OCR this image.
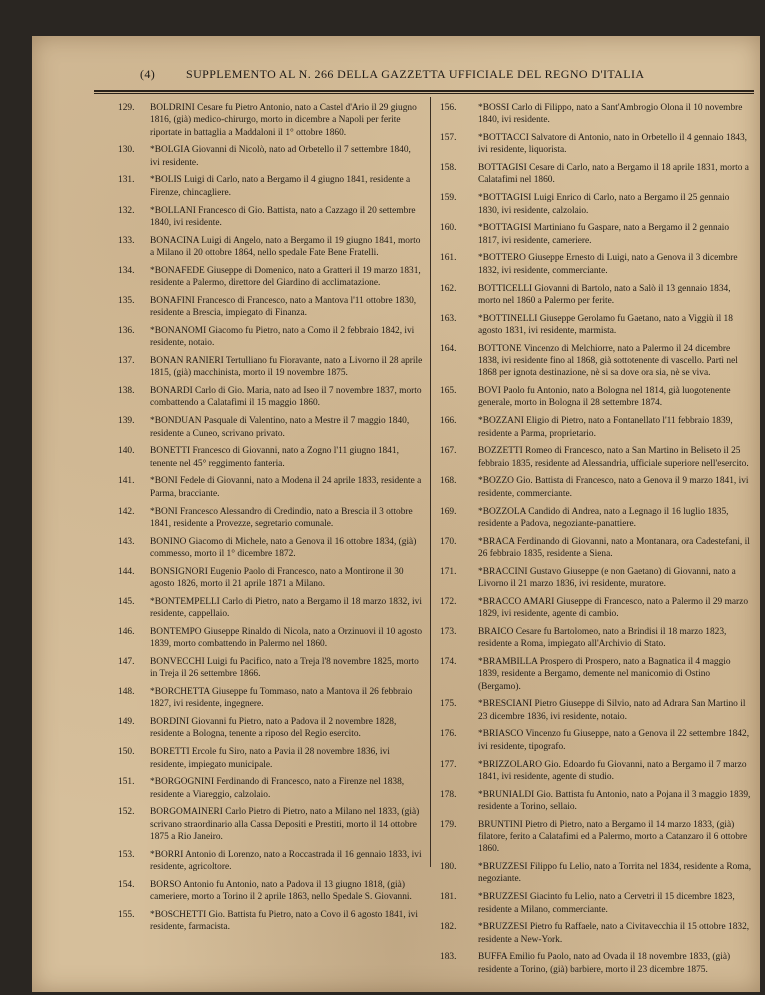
(4)	SUPPLEMENTO AL N. 266 DELLA GAZZETTA UFFICIALE DEL REGNO D'ITALIA
129.	BOLDRINI Cesare fu Pietro Antonio, nato a Castel d'Ario il 29 giugno 1816, (già) medico-chirurgo, morto in dicembre a Napoli per ferite riportate in battaglia a Maddaloni il 1° ottobre 1860.
130.	*BOLGIA Giovanni di Nicolò, nato ad Orbetello il 7 settembre 1840, ivi residente.
131.	*BOLIS Luigi di Carlo, nato a Bergamo il 4 giugno 1841, residente a Firenze, chincagliere.
132.	*BOLLANI Francesco di Gio. Battista, nato a Cazzago il 20 settembre 1840, ivi residente.
133.	BONACINA Luigi di Angelo, nato a Bergamo il 19 giugno 1841, morto a Milano il 20 ottobre 1864, nello spedale Fate Bene Fratelli.
134.	*BONAFEDE Giuseppe di Domenico, nato a Gratteri il 19 marzo 1831, residente a Palermo, direttore del Giardino di acclimatazione.
135.	BONAFINI Francesco di Francesco, nato a Mantova l'11 ottobre 1830, residente a Brescia, impiegato di Finanza.
136.	*BONANOMI Giacomo fu Pietro, nato a Como il 2 febbraio 1842, ivi residente, notaio.
137.	BONAN RANIERI Tertulliano fu Fioravante, nato a Livorno il 28 aprile 1815, (già) macchinista, morto il 19 novembre 1875.
138.	BONARDI Carlo di Gio. Maria, nato ad Iseo il 7 novembre 1837, morto combattendo a Calatafimi il 15 maggio 1860.
139.	*BONDUAN Pasquale di Valentino, nato a Mestre il 7 maggio 1840, residente a Cuneo, scrivano privato.
140.	BONETTI Francesco di Giovanni, nato a Zogno l'11 giugno 1841, tenente nel 45° reggimento fanteria.
141.	*BONI Fedele di Giovanni, nato a Modena il 24 aprile 1833, residente a Parma, bracciante.
142.	*BONI Francesco Alessandro di Credindio, nato a Brescia il 3 ottobre 1841, residente a Provezze, segretario comunale.
143.	BONINO Giacomo di Michele, nato a Genova il 16 ottobre 1834, (già) commesso, morto il 1° dicembre 1872.
144.	BONSIGNORI Eugenio Paolo di Francesco, nato a Montirone il 30 agosto 1826, morto il 21 aprile 1871 a Milano.
145.	*BONTEMPELLI Carlo di Pietro, nato a Bergamo il 18 marzo 1832, ivi residente, cappellaio.
146.	BONTEMPO Giuseppe Rinaldo di Nicola, nato a Orzinuovi il 10 agosto 1839, morto combattendo in Palermo nel 1860.
147.	BONVECCHI Luigi fu Pacifico, nato a Treja l'8 novembre 1825, morto in Treja il 26 settembre 1866.
148.	*BORCHETTA Giuseppe fu Tommaso, nato a Mantova il 26 febbraio 1827, ivi residente, ingegnere.
149.	BORDINI Giovanni fu Pietro, nato a Padova il 2 novembre 1828, residente a Bologna, tenente a riposo del Regio esercito.
150.	BORETTI Ercole fu Siro, nato a Pavia il 28 novembre 1836, ivi residente, impiegato municipale.
151.	*BORGOGNINI Ferdinando di Francesco, nato a Firenze nel 1838, residente a Viareggio, calzolaio.
152.	BORGOMAINERI Carlo Pietro di Pietro, nato a Milano nel 1833, (già) scrivano straordinario alla Cassa Depositi e Prestiti, morto il 14 ottobre 1875 a Rio Janeiro.
153.	*BORRI Antonio di Lorenzo, nato a Roccastrada il 16 gennaio 1833, ivi residente, agricoltore.
154.	BORSO Antonio fu Antonio, nato a Padova il 13 giugno 1818, (già) cameriere, morto a Torino il 2 aprile 1863, nello Spedale S. Giovanni.
155.	*BOSCHETTI Gio. Battista fu Pietro, nato a Covo il 6 agosto 1841, ivi residente, farmacista.
156.	*BOSSI Carlo di Filippo, nato a Sant'Ambrogio Olona il 10 novembre 1840, ivi residente.
157.	*BOTTACCI Salvatore di Antonio, nato in Orbetello il 4 gennaio 1843, ivi residente, liquorista.
158.	BOTTAGISI Cesare di Carlo, nato a Bergamo il 18 aprile 1831, morto a Calatafimi nel 1860.
159.	*BOTTAGISI Luigi Enrico di Carlo, nato a Bergamo il 25 gennaio 1830, ivi residente, calzolaio.
160.	*BOTTAGISI Martiniano fu Gaspare, nato a Bergamo il 2 gennaio 1817, ivi residente, cameriere.
161.	*BOTTERO Giuseppe Ernesto di Luigi, nato a Genova il 3 dicembre 1832, ivi residente, commerciante.
162.	BOTTICELLI Giovanni di Bartolo, nato a Salò il 13 gennaio 1834, morto nel 1860 a Palermo per ferite.
163.	*BOTTINELLI Giuseppe Gerolamo fu Gaetano, nato a Viggiù il 18 agosto 1831, ivi residente, marmista.
164.	BOTTONE Vincenzo di Melchiorre, nato a Palermo il 24 dicembre 1838, ivi residente fino al 1868, già sottotenente di vascello. Partì nel 1868 per ignota destinazione, nè si sa dove ora sia, nè se viva.
165.	BOVI Paolo fu Antonio, nato a Bologna nel 1814, già luogotenente generale, morto in Bologna il 28 settembre 1874.
166.	*BOZZANI Eligio di Pietro, nato a Fontanellato l'11 febbraio 1839, residente a Parma, proprietario.
167.	BOZZETTI Romeo di Francesco, nato a San Martino in Beliseto il 25 febbraio 1835, residente ad Alessandria, ufficiale superiore nell'esercito.
168.	*BOZZO Gio. Battista di Francesco, nato a Genova il 9 marzo 1841, ivi residente, commerciante.
169.	*BOZZOLA Candido di Andrea, nato a Legnago il 16 luglio 1835, residente a Padova, negoziante-panattiere.
170.	*BRACA Ferdinando di Giovanni, nato a Montanara, ora Cadestefani, il 26 febbraio 1835, residente a Siena.
171.	*BRACCINI Gustavo Giuseppe (e non Gaetano) di Giovanni, nato a Livorno il 21 marzo 1836, ivi residente, muratore.
172.	*BRACCO AMARI Giuseppe di Francesco, nato a Palermo il 29 marzo 1829, ivi residente, agente di cambio.
173.	BRAICO Cesare fu Bartolomeo, nato a Brindisi il 18 marzo 1823, residente a Roma, impiegato all'Archivio di Stato.
174.	*BRAMBILLA Prospero di Prospero, nato a Bagnatica il 4 maggio 1839, residente a Bergamo, demente nel manicomio di Ostino (Bergamo).
175.	*BRESCIANI Pietro Giuseppe di Silvio, nato ad Adrara San Martino il 23 dicembre 1836, ivi residente, notaio.
176.	*BRIASCO Vincenzo fu Giuseppe, nato a Genova il 22 settembre 1842, ivi residente, tipografo.
177.	*BRIZZOLARO Gio. Edoardo fu Giovanni, nato a Bergamo il 7 marzo 1841, ivi residente, agente di studio.
178.	*BRUNIALDI Gio. Battista fu Antonio, nato a Pojana il 3 maggio 1839, residente a Torino, sellaio.
179.	BRUNTINI Pietro di Pietro, nato a Bergamo il 14 marzo 1833, (già) filatore, ferito a Calatafimi ed a Palermo, morto a Catanzaro il 6 ottobre 1860.
180.	*BRUZZESI Filippo fu Lelio, nato a Torrita nel 1834, residente a Roma, negoziante.
181.	*BRUZZESI Giacinto fu Lelio, nato a Cervetri il 15 dicembre 1823, residente a Milano, commerciante.
182.	*BRUZZESI Pietro fu Raffaele, nato a Civitavecchia il 15 ottobre 1832, residente a New-York.
183.	BUFFA Emilio fu Paolo, nato ad Ovada il 18 novembre 1833, (già) residente a Torino, (già) barbiere, morto il 23 dicembre 1875.
